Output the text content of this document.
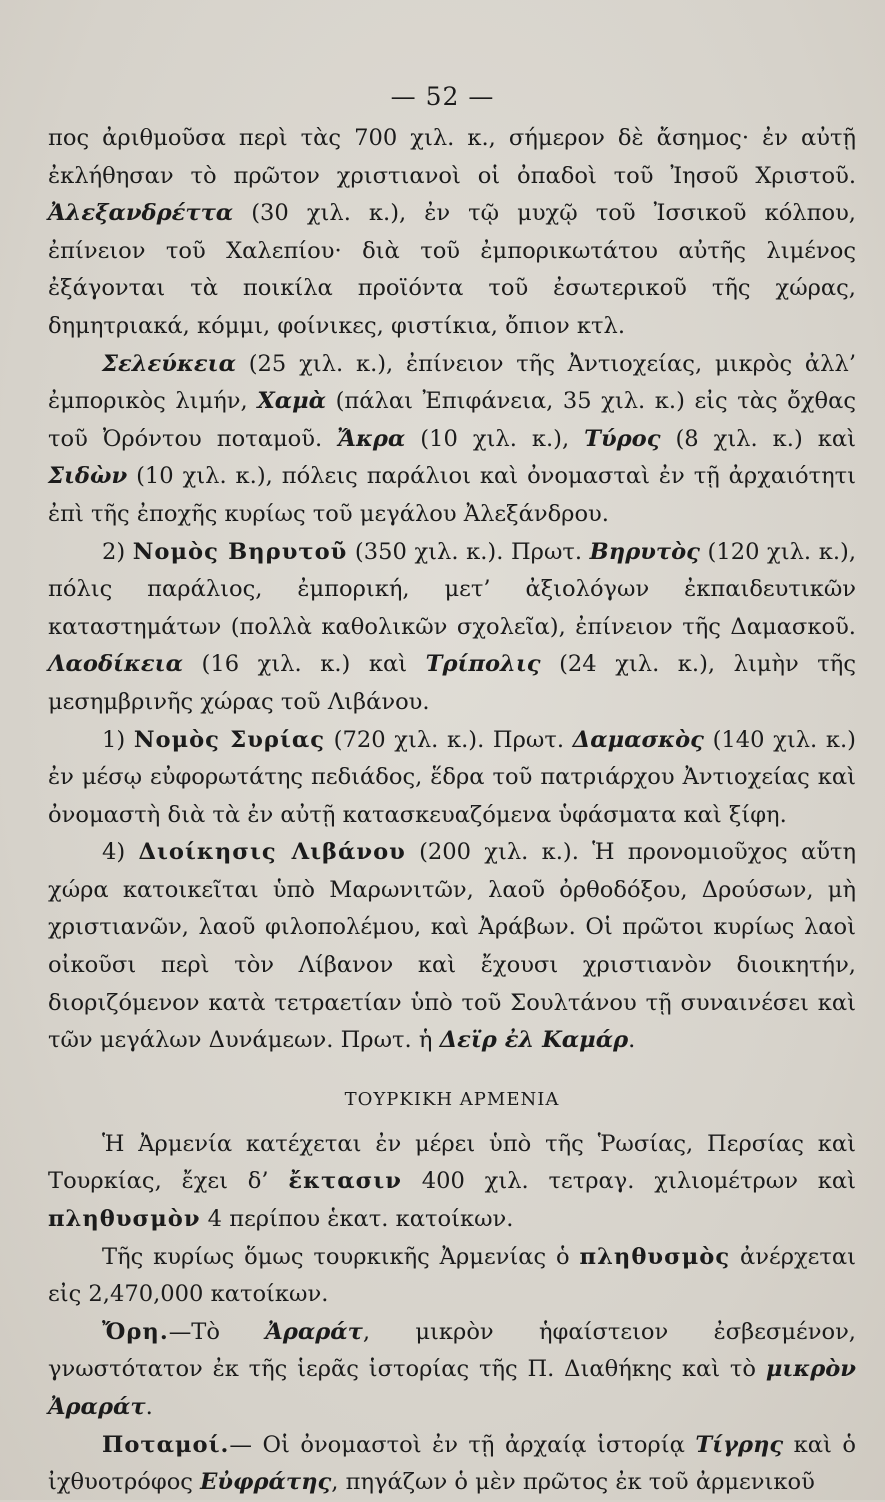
— 52 —

πος ἀριθμοῦσα περὶ τὰς 700 χιλ. κ., σήμερον δὲ ἄσημος· ἐν αὐτῇ ἐκλήθησαν τὸ πρῶτον χριστιανοὶ οἱ ὀπαδοὶ τοῦ Ἰησοῦ Χριστοῦ. Ἀλεξανδρέττα (30 χιλ. κ.), ἐν τῷ μυχῷ τοῦ Ἰσσικοῦ κόλπου, ἐπίνειον τοῦ Χαλεπίου· διὰ τοῦ ἐμπορικωτάτου αὐτῆς λιμένος ἐξάγονται τὰ ποικίλα προϊόντα τοῦ ἐσωτερικοῦ τῆς χώρας, δημητριακά, κόμμι, φοίνικες, φιστίκια, ὄπιον κτλ.

Σελεύκεια (25 χιλ. κ.), ἐπίνειον τῆς Ἀντιοχείας, μικρὸς ἀλλ’ ἐμπορικὸς λιμήν, Χαμὰ (πάλαι Ἐπιφάνεια, 35 χιλ. κ.) εἰς τὰς ὄχθας τοῦ Ὀρόντου ποταμοῦ. Ἄκρα (10 χιλ. κ.), Τύρος (8 χιλ. κ.) καὶ Σιδὼν (10 χιλ. κ.), πόλεις παράλιοι καὶ ὀνομασταὶ ἐν τῇ ἀρχαιότητι ἐπὶ τῆς ἐποχῆς κυρίως τοῦ μεγάλου Ἀλεξάνδρου.

2) Νομὸς Βηρυτοῦ (350 χιλ. κ.). Πρωτ. Βηρυτὸς (120 χιλ. κ.), πόλις παράλιος, ἐμπορική, μετ’ ἀξιολόγων ἐκπαιδευτικῶν καταστημάτων (πολλὰ καθολικῶν σχολεῖα), ἐπίνειον τῆς Δαμασκοῦ. Λαοδίκεια (16 χιλ. κ.) καὶ Τρίπολις (24 χιλ. κ.), λιμὴν τῆς μεσημβρινῆς χώρας τοῦ Λιβάνου.

1) Νομὸς Συρίας (720 χιλ. κ.). Πρωτ. Δαμασκὸς (140 χιλ. κ.) ἐν μέσῳ εὐφορωτάτης πεδιάδος, ἕδρα τοῦ πατριάρχου Ἀντιοχείας καὶ ὀνομαστὴ διὰ τὰ ἐν αὐτῇ κατασκευαζόμενα ὑφάσματα καὶ ξίφη.

4) Διοίκησις Λιβάνου (200 χιλ. κ.). Ἡ προνομιοῦχος αὕτη χώρα κατοικεῖται ὑπὸ Μαρωνιτῶν, λαοῦ ὀρθοδόξου, Δρούσων, μὴ χριστιανῶν, λαοῦ φιλοπολέμου, καὶ Ἀράβων. Οἱ πρῶτοι κυρίως λαοὶ οἰκοῦσι περὶ τὸν Λίβανον καὶ ἔχουσι χριστιανὸν διοικητήν, διοριζόμενον κατὰ τετραετίαν ὑπὸ τοῦ Σουλτάνου τῇ συναινέσει καὶ τῶν μεγάλων Δυνάμεων. Πρωτ. ἡ Δεϊρ ἐλ Καμάρ.

ΤΟΥΡΚΙΚΗ ΑΡΜΕΝΙΑ

Ἡ Ἀρμενία κατέχεται ἐν μέρει ὑπὸ τῆς Ῥωσίας, Περσίας καὶ Τουρκίας, ἔχει δ’ ἔκτασιν 400 χιλ. τετραγ. χιλιομέτρων καὶ πληθυσμὸν 4 περίπου ἑκατ. κατοίκων.

Τῆς κυρίως ὅμως τουρκικῆς Ἀρμενίας ὁ πληθυσμὸς ἀνέρχεται εἰς 2,470,000 κατοίκων.

Ὄρη.—Τὸ Ἀραράτ, μικρὸν ἡφαίστειον ἐσβεσμένον, γνωστότατον ἐκ τῆς ἱερᾶς ἱστορίας τῆς Π. Διαθήκης καὶ τὸ μικρὸν Ἀραράτ.

Ποταμοί.— Οἱ ὀνομαστοὶ ἐν τῇ ἀρχαίᾳ ἱστορίᾳ Τίγρης καὶ ὁ ἰχθυοτρόφος Εὐφράτης, πηγάζων ὁ μὲν πρῶτος ἐκ τοῦ ἀρμενικοῦ
